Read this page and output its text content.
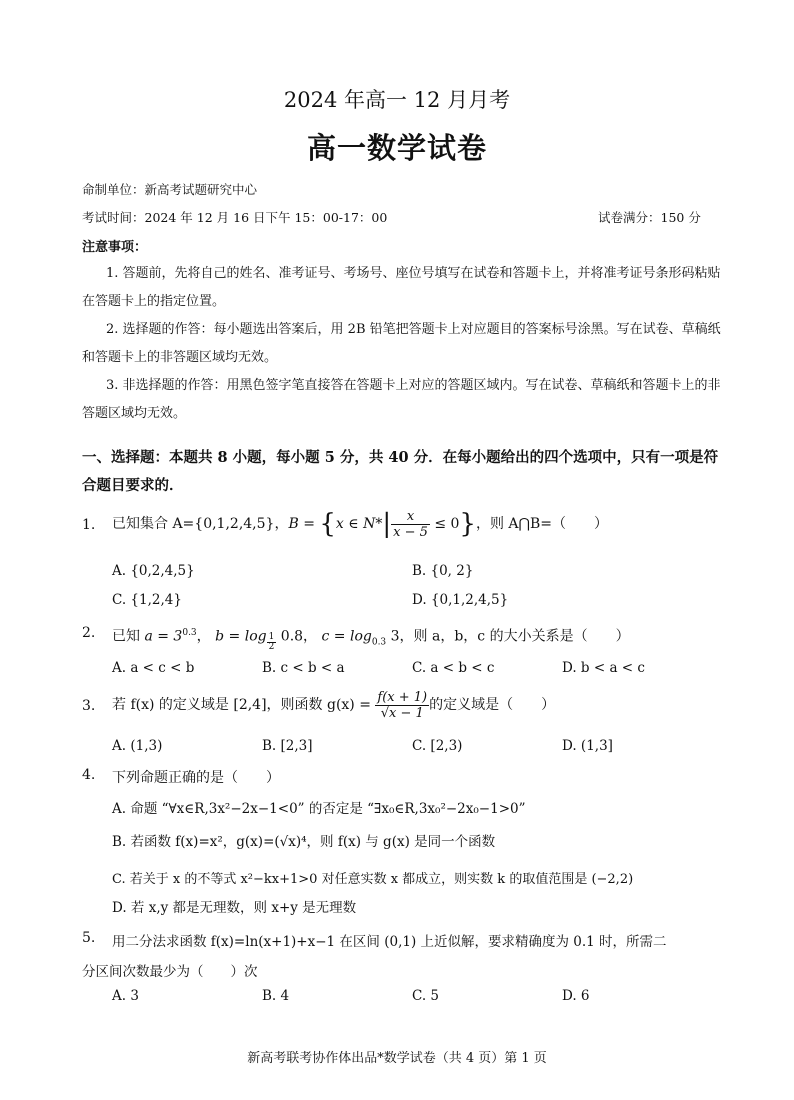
2024 年高一 12 月月考
高一数学试卷
命制单位：新高考试题研究中心
考试时间：2024 年 12 月 16 日下午 15：00-17：00	试卷满分：150 分
注意事项：
1. 答题前，先将自己的姓名、准考证号、考场号、座位号填写在试卷和答题卡上，并将准考证号条形码粘贴在答题卡上的指定位置。
2. 选择题的作答：每小题选出答案后，用 2B 铅笔把答题卡上对应题目的答案标号涂黑。写在试卷、草稿纸和答题卡上的非答题区域均无效。
3. 非选择题的作答：用黑色签字笔直接答在答题卡上对应的答题区域内。写在试卷、草稿纸和答题卡上的非答题区域均无效。
一、选择题：本题共 8 小题，每小题 5 分，共 40 分．在每小题给出的四个选项中，只有一项是符合题目要求的．
1. 已知集合 A={0,1,2,4,5}，B = {x ∈ $N*| \frac{x}{x - 5} \le 0$}，则 A⋂B=（　　）
A. {0,2,4,5}	B. {0, 2}
C. {1,2,4}	D. {0,1,2,4,5}
2. 已知 $a = 3^{0.3}$， $b = \log \frac{1}{2} 0.8$， $c = \log_{0.3} 3$，则 a，b，c 的大小关系是（　　）
A. a < c < b	B. c < b < a	C. a < b < c	D. b < a < c
3. 若 f(x) 的定义域是 [2,4]，则函数 $g(x) = \frac{f(x + 1)}{√x - 1}$ 的定义域是（　　）
A. (1,3)	B. [2,3]	C. [2,3)	D. (1,3]
4. 下列命题正确的是（　　）
A. 命题 “∀x∈R,3x²−2x−1<0” 的否定是 “∃x₀∈R,3x₀²−2x₀−1>0”
B. 若函数 f(x)=x²，g(x)=(√x)⁴，则 f(x) 与 g(x) 是同一个函数
C. 若关于 x 的不等式 x²−kx+1>0 对任意实数 x 都成立，则实数 k 的取值范围是 (−2,2)
D. 若 x,y 都是无理数，则 x+y 是无理数
5. 用二分法求函数 f(x)=ln(x+1)+x−1 在区间 (0,1) 上近似解，要求精确度为 0.1 时，所需二
分区间次数最少为（　　）次
A. 3	B. 4	C. 5	D. 6
新高考联考协作体出品*数学试卷（共 4 页）第 1 页
